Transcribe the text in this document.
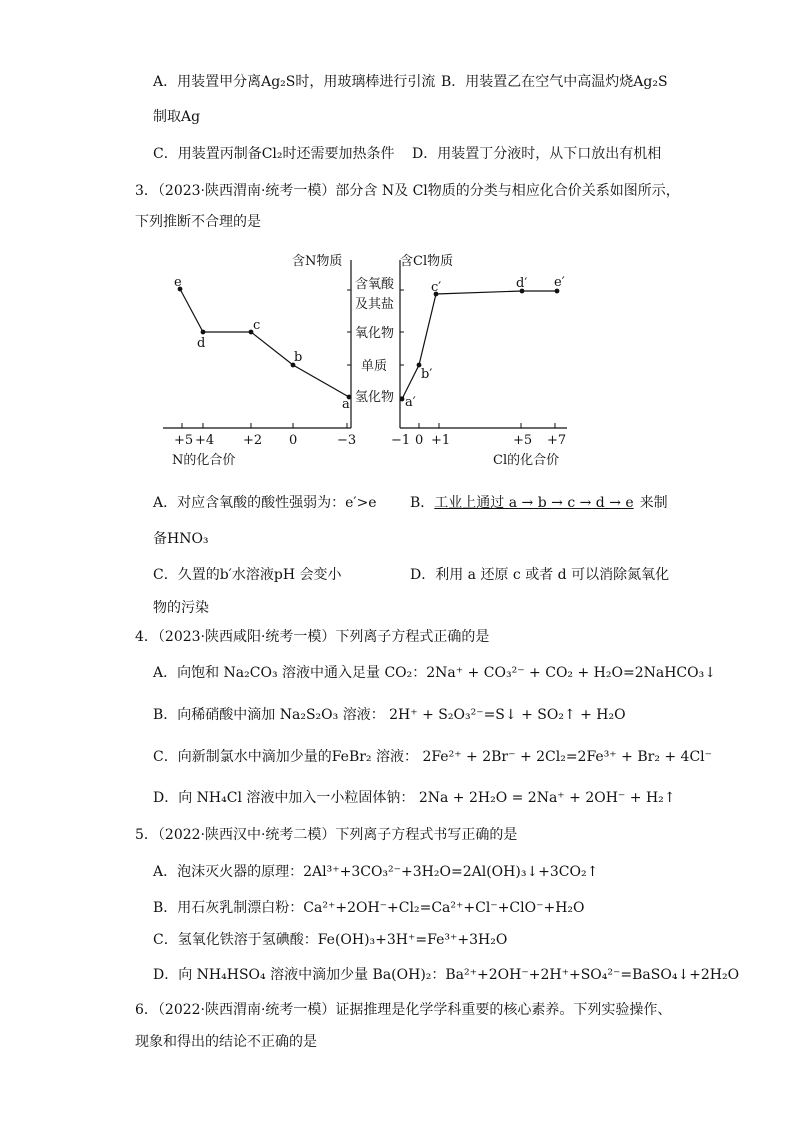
A．用装置甲分离Ag₂S时，用玻璃棒进行引流 B．用装置乙在空气中高温灼烧Ag₂S
制取Ag
C．用装置丙制备Cl₂时还需要加热条件 D．用装置丁分液时，从下口放出有机相
3．（2023·陕西渭南·统考一模）部分含 N及 Cl物质的分类与相应化合价关系如图所示，
下列推断不合理的是
含N物质	含Cl物质
含氧酸
及其盐
氧化物
单质
氢化物
+5 +4 +2 0	−3	−1 0 +1	+5 +7
N的化合价	Cl的化合价
e
d
c
b
a	a′
b′
c′	d′ e′
A．对应含氧酸的酸性强弱为：e′>e B．工业上通过 a → b → c → d → e 来制
备HNO₃
C．久置的b′水溶液pH 会变小	D．利用 a 还原 c 或者 d 可以消除氮氧化
物的污染
4．（2023·陕西咸阳·统考一模）下列离子方程式正确的是
A．向饱和 Na₂CO₃ 溶液中通入足量 CO₂：2Na⁺ + CO₃²⁻ + CO₂ + H₂O=2NaHCO₃↓
B．向稀硝酸中滴加 Na₂S₂O₃ 溶液： 2H⁺ + S₂O₃²⁻=S↓ + SO₂↑ + H₂O
C．向新制氯水中滴加少量的FeBr₂ 溶液： 2Fe²⁺ + 2Br⁻ + 2Cl₂=2Fe³⁺ + Br₂ + 4Cl⁻
D．向 NH₄Cl 溶液中加入一小粒固体钠： 2Na + 2H₂O = 2Na⁺ + 2OH⁻ + H₂↑
5．（2022·陕西汉中·统考二模）下列离子方程式书写正确的是
A．泡沫灭火器的原理：2Al³⁺+3CO₃²⁻+3H₂O=2Al(OH)₃↓+3CO₂↑
B．用石灰乳制漂白粉：Ca²⁺+2OH⁻+Cl₂=Ca²⁺+Cl⁻+ClO⁻+H₂O
C．氢氧化铁溶于氢碘酸：Fe(OH)₃+3H⁺=Fe³⁺+3H₂O
D．向 NH₄HSO₄ 溶液中滴加少量 Ba(OH)₂：Ba²⁺+2OH⁻+2H⁺+SO₄²⁻=BaSO₄↓+2H₂O
6．（2022·陕西渭南·统考一模）证据推理是化学学科重要的核心素养。下列实验操作、
现象和得出的结论不正确的是
